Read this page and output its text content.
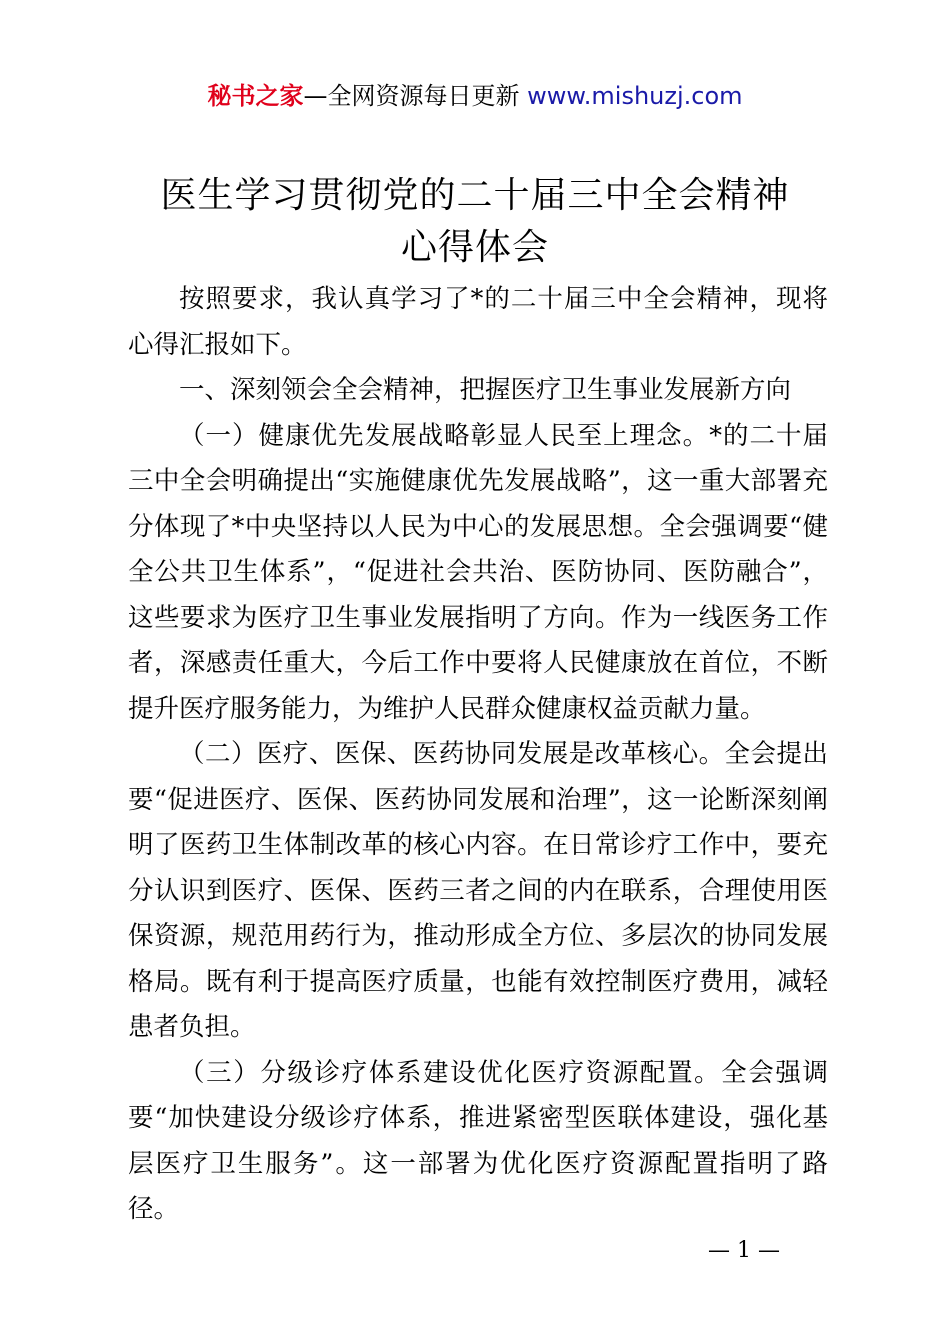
秘书之家—全网资源每日更新 www.mishuzj.com
医生学习贯彻党的二十届三中全会精神
心得体会

按照要求，我认真学习了*的二十届三中全会精神，现将心得汇报如下。

一、深刻领会全会精神，把握医疗卫生事业发展新方向

（一）健康优先发展战略彰显人民至上理念。*的二十届三中全会明确提出“实施健康优先发展战略”，这一重大部署充分体现了*中央坚持以人民为中心的发展思想。全会强调要“健全公共卫生体系”，“促进社会共治、医防协同、医防融合”，这些要求为医疗卫生事业发展指明了方向。作为一线医务工作者，深感责任重大，今后工作中要将人民健康放在首位，不断提升医疗服务能力，为维护人民群众健康权益贡献力量。

（二）医疗、医保、医药协同发展是改革核心。全会提出要“促进医疗、医保、医药协同发展和治理”，这一论断深刻阐明了医药卫生体制改革的核心内容。在日常诊疗工作中，要充分认识到医疗、医保、医药三者之间的内在联系，合理使用医保资源，规范用药行为，推动形成全方位、多层次的协同发展格局。既有利于提高医疗质量，也能有效控制医疗费用，减轻患者负担。

（三）分级诊疗体系建设优化医疗资源配置。全会强调要“加快建设分级诊疗体系，推进紧密型医联体建设，强化基层医疗卫生服务”。这一部署为优化医疗资源配置指明了路径。

— 1 —
